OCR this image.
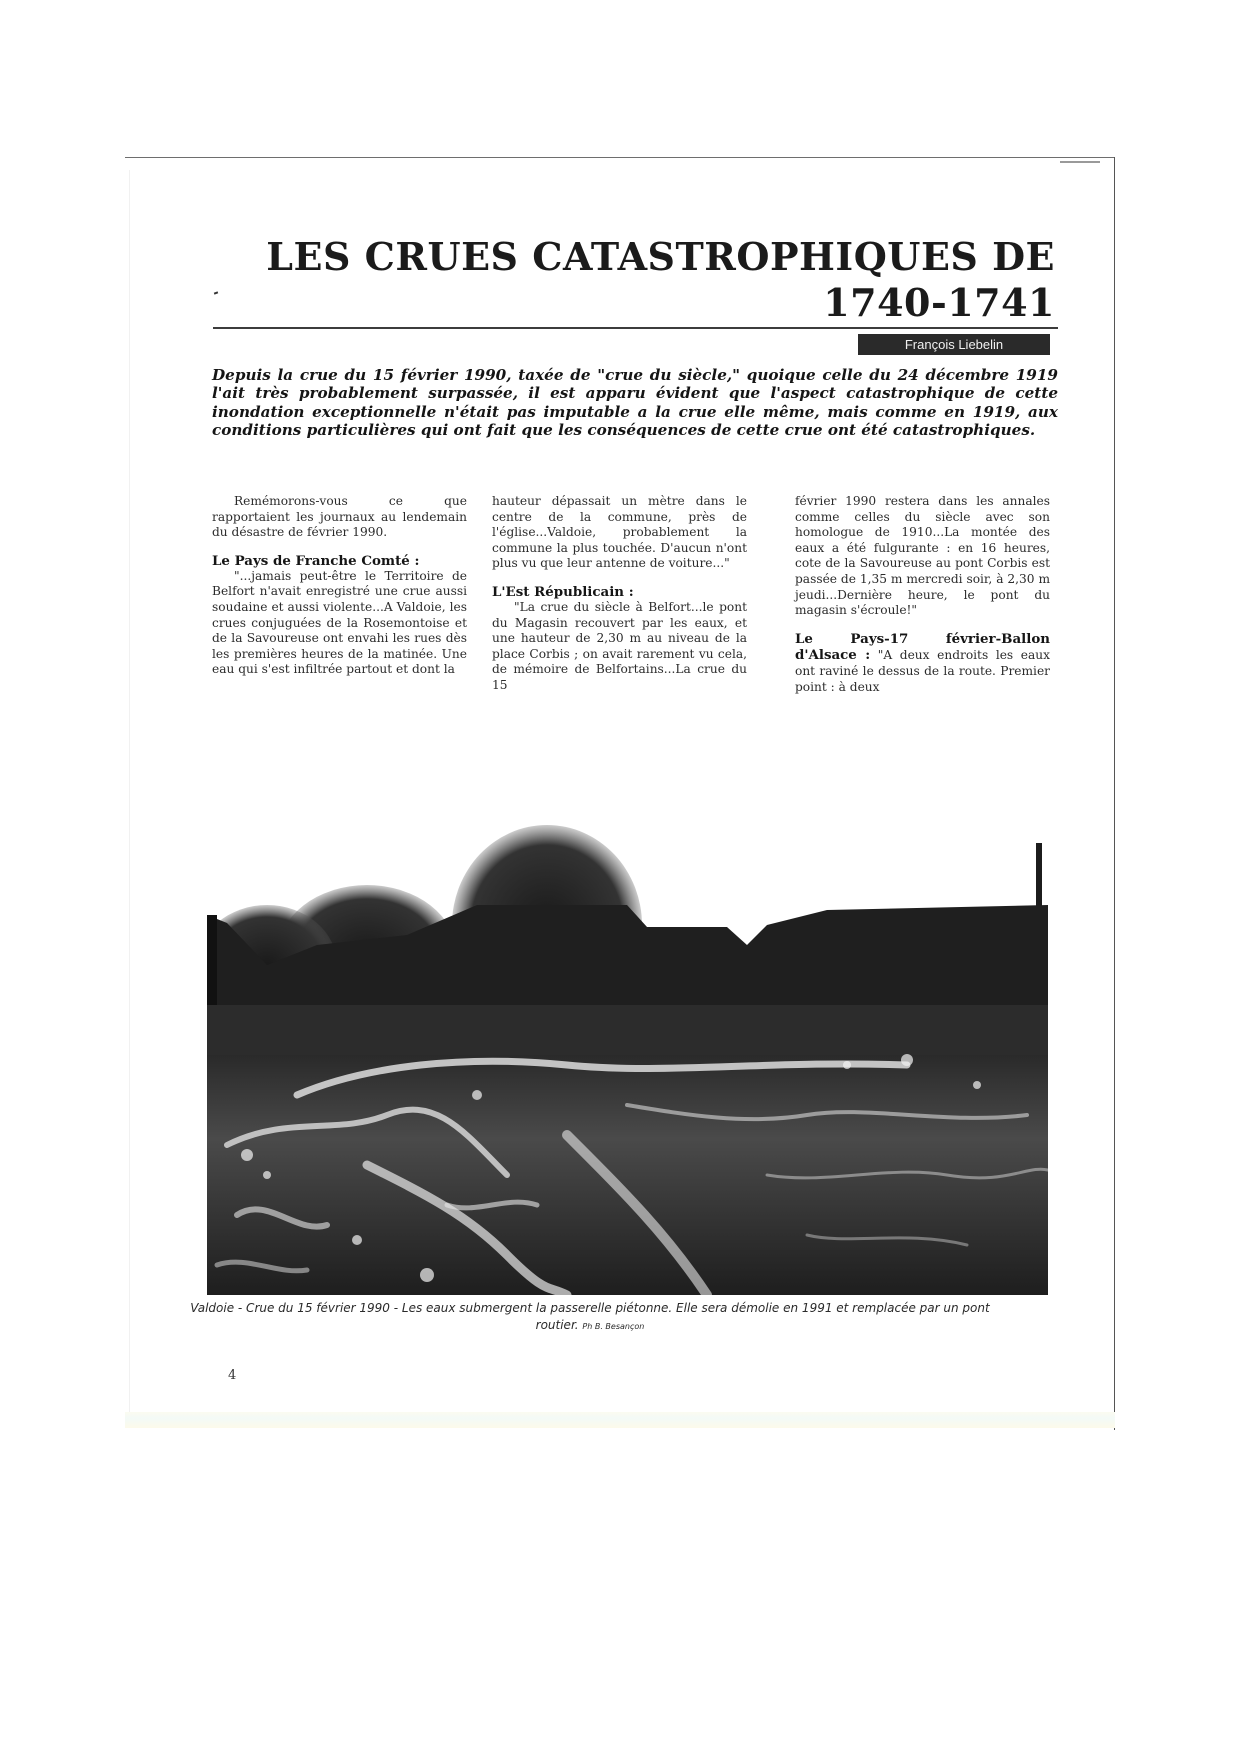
LES CRUES CATASTROPHIQUES DE
1740-1741
François Liebelin
Depuis la crue du 15 février 1990, taxée de "crue du siècle," quoique celle du 24 décembre 1919 l'ait très probablement surpassée, il est apparu évident que l'aspect catastrophique de cette inondation exceptionnelle n'était pas imputable a la crue elle même, mais comme en 1919, aux conditions particulières qui ont fait que les conséquences de cette crue ont été catastrophiques.

Remémorons-vous ce que rapportaient les journaux au lendemain du désastre de février 1990.

Le Pays de Franche Comté :

"...jamais peut-être le Territoire de Belfort n'avait enregistré une crue aussi soudaine et aussi violente...A Valdoie, les crues conjuguées de la Rosemontoise et de la Savoureuse ont envahi les rues dès les premières heures de la matinée. Une eau qui s'est infiltrée partout et dont la

hauteur dépassait un mètre dans le centre de la commune, près de l'église...Valdoie, probablement la commune la plus touchée. D'aucun n'ont plus vu que leur antenne de voiture..."

L'Est Républicain :

"La crue du siècle à Belfort...le pont du Magasin recouvert par les eaux, et une hauteur de 2,30 m au niveau de la place Corbis ; on avait rarement vu cela, de mémoire de Belfortains...La crue du 15

février 1990 restera dans les annales comme celles du siècle avec son homologue de 1910...La montée des eaux a été fulgurante : en 16 heures, cote de la Savoureuse au pont Corbis est passée de 1,35 m mercredi soir, à 2,30 m jeudi...Dernière heure, le pont du magasin s'écroule!"

Le Pays-17 février-Ballon d'Alsace : "A deux endroits les eaux ont raviné le dessus de la route. Premier point : à deux

Valdoie - Crue du 15 février 1990 - Les eaux submergent la passerelle piétonne. Elle sera démolie en 1991 et remplacée par un pont routier. Ph B. Besançon
4
